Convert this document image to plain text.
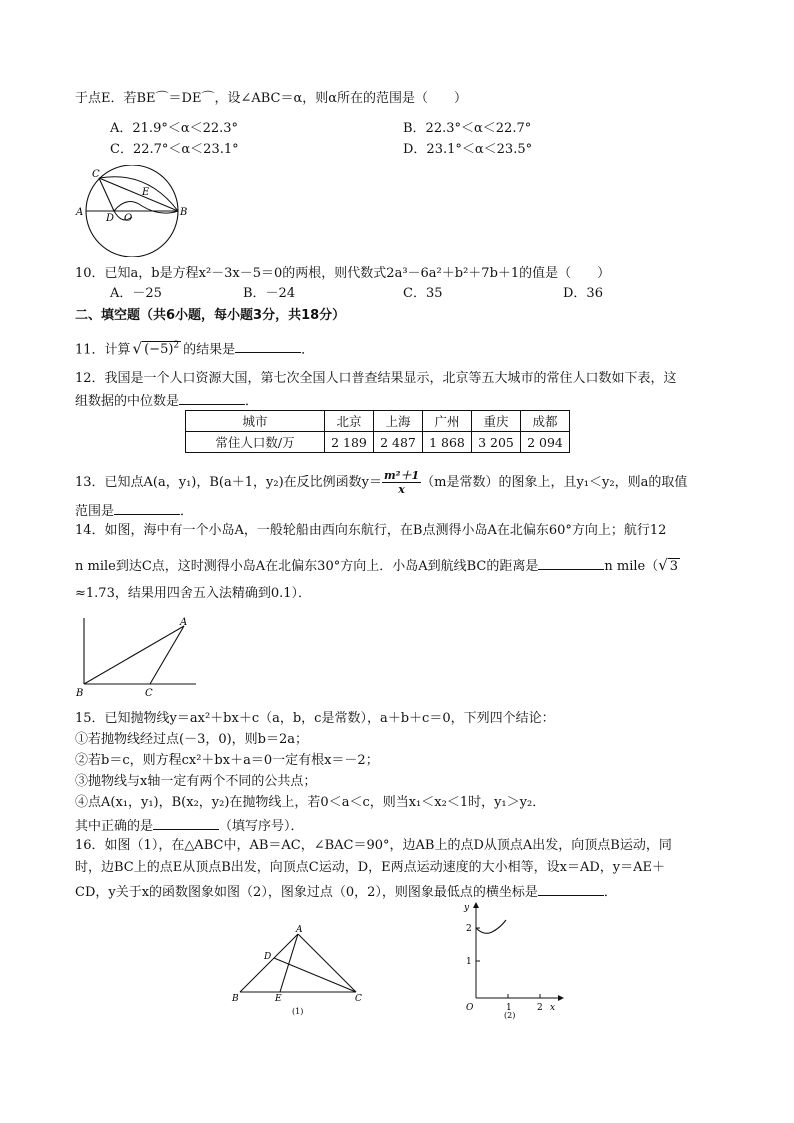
于点E．若BE⌒＝DE⌒，设∠ABC＝α，则α所在的范围是（　　）
A．21.9°＜α＜22.3°	B．22.3°＜α＜22.7°
C．22.7°＜α＜23.1°	D．23.1°＜α＜23.5°
A	B
C
D
E
O
10．已知a，b是方程x²－3x－5＝0的两根，则代数式2a³－6a²＋b²＋7b＋1的值是（　　）
A．－25	B．－24	C．35	D．36
二、填空题（共6小题，每小题3分，共18分）
11．计算 √ $(-5)^2$ 的结果是	．
12．我国是一个人口资源大国，第七次全国人口普查结果显示，北京等五大城市的常住人口数如下表，这
组数据的中位数是	．
城市	北京	上海	广州	重庆	成都
常住人口数/万	2 189	2 487	1 868	3 205	2 094
13．已知点A(a，y₁)，B(a＋1，y₂)在反比例函数$y= \frac{\text{m²＋1}}{x} (m$是常数）的图象上，且y₁＜y₂，则a的取值
范围是	．
14．如图，海中有一个小岛A，一般轮船由西向东航行，在B点测得小岛A在北偏东60°方向上；航行12
n mile到达C点，这时测得小岛A在北偏东30°方向上．小岛A到航线BC的距离是	n mile（√ 3
≈1.73，结果用四舍五入法精确到0.1）．
A
B	C
15．已知抛物线y＝ax²＋bx＋c（a，b，c是常数），a＋b＋c＝0，下列四个结论：
①若抛物线经过点(－3，0)，则b＝2a；
②若b＝c，则方程cx²＋bx＋a＝0一定有根x＝－2；
③抛物线与x轴一定有两个不同的公共点；
④点A(x₁，y₁)，B(x₂，y₂)在抛物线上，若0＜a＜c，则当x₁＜x₂＜1时，y₁＞y₂．
其中正确的是	（填写序号）．
16．如图（1），在△ABC中，AB＝AC，∠BAC＝90°，边AB上的点D从顶点A出发，向顶点B运动，同
时，边BC上的点E从顶点B出发，向顶点C运动，D，E两点运动速度的大小相等，设x＝AD，y＝AE＋
CD，y关于x的函数图象如图（2），图象过点（0，2），则图象最低点的横坐标是	．
A
B	C
D
E
(1)
y
x
O
2
1
1	2
(2)
